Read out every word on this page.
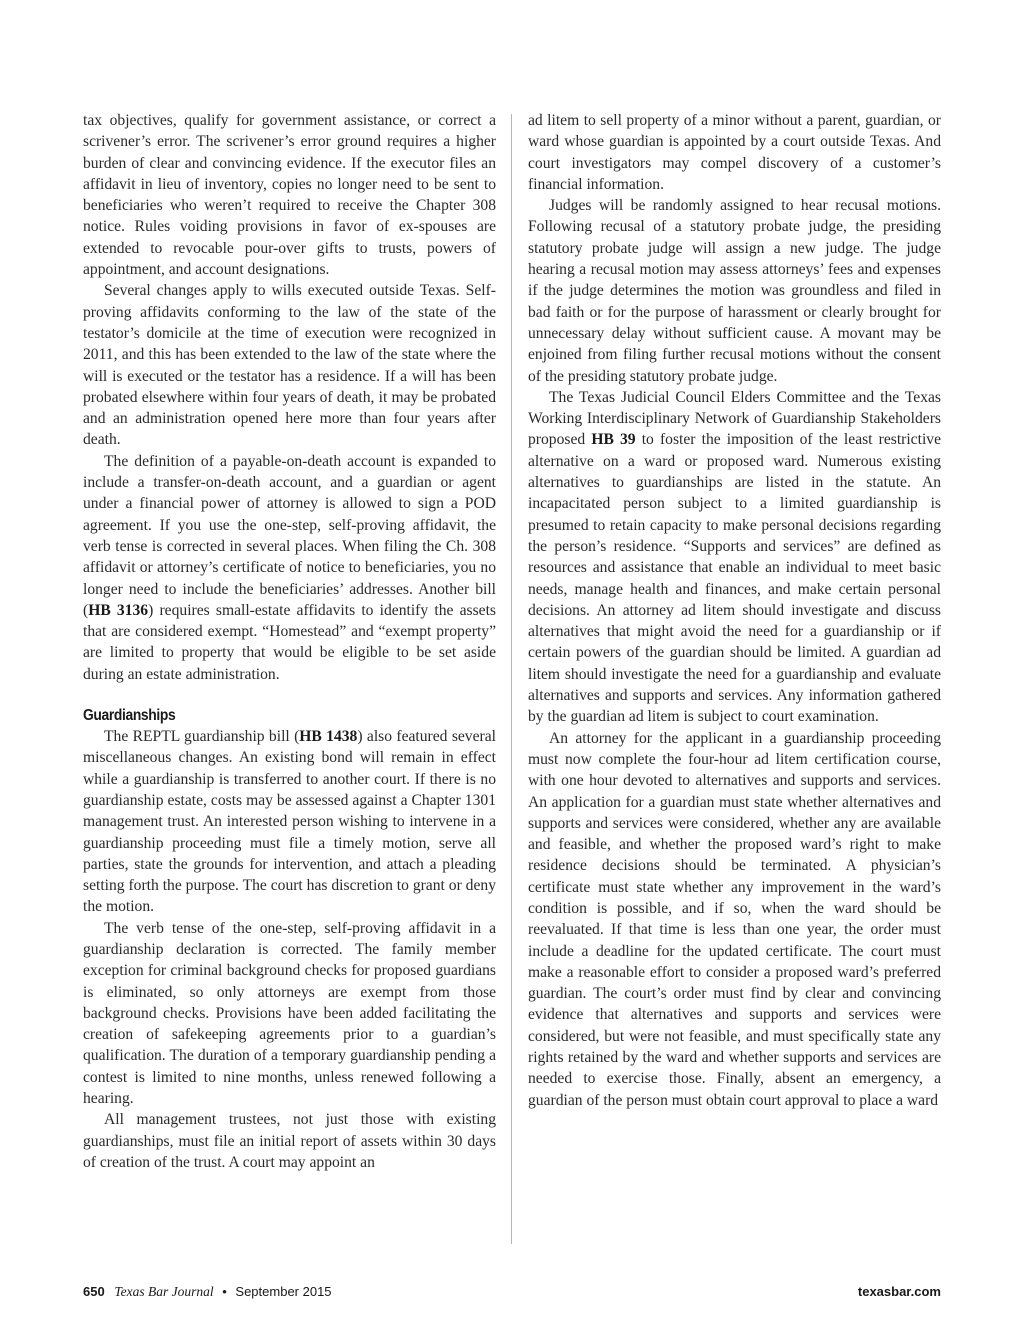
tax objectives, qualify for government assistance, or correct a scrivener’s error. The scrivener’s error ground requires a higher burden of clear and convincing evidence. If the executor files an affidavit in lieu of inventory, copies no longer need to be sent to beneficiaries who weren’t required to receive the Chapter 308 notice. Rules voiding provisions in favor of ex-spouses are extended to revocable pour-over gifts to trusts, powers of appointment, and account designations.

Several changes apply to wills executed outside Texas. Self-proving affidavits conforming to the law of the state of the testator’s domicile at the time of execution were recognized in 2011, and this has been extended to the law of the state where the will is executed or the testator has a residence. If a will has been probated elsewhere within four years of death, it may be probated and an administration opened here more than four years after death.

The definition of a payable-on-death account is expanded to include a transfer-on-death account, and a guardian or agent under a financial power of attorney is allowed to sign a POD agreement. If you use the one-step, self-proving affidavit, the verb tense is corrected in several places. When filing the Ch. 308 affidavit or attorney’s certificate of notice to beneficiaries, you no longer need to include the beneficiaries’ addresses. Another bill (HB 3136) requires small-estate affidavits to identify the assets that are considered exempt. “Homestead” and “exempt property” are limited to property that would be eligible to be set aside during an estate administration.

Guardianships

The REPTL guardianship bill (HB 1438) also featured several miscellaneous changes. An existing bond will remain in effect while a guardianship is transferred to another court. If there is no guardianship estate, costs may be assessed against a Chapter 1301 management trust. An interested person wishing to intervene in a guardianship proceeding must file a timely motion, serve all parties, state the grounds for intervention, and attach a pleading setting forth the purpose. The court has discretion to grant or deny the motion.

The verb tense of the one-step, self-proving affidavit in a guardianship declaration is corrected. The family member exception for criminal background checks for proposed guardians is eliminated, so only attorneys are exempt from those background checks. Provisions have been added facilitating the creation of safekeeping agreements prior to a guardian’s qualification. The duration of a temporary guardianship pending a contest is limited to nine months, unless renewed following a hearing.

All management trustees, not just those with existing guardianships, must file an initial report of assets within 30 days of creation of the trust. A court may appoint an

ad litem to sell property of a minor without a parent, guardian, or ward whose guardian is appointed by a court outside Texas. And court investigators may compel discovery of a customer’s financial information.

Judges will be randomly assigned to hear recusal motions. Following recusal of a statutory probate judge, the presiding statutory probate judge will assign a new judge. The judge hearing a recusal motion may assess attorneys’ fees and expenses if the judge determines the motion was groundless and filed in bad faith or for the purpose of harassment or clearly brought for unnecessary delay without sufficient cause. A movant may be enjoined from filing further recusal motions without the consent of the presiding statutory probate judge.

The Texas Judicial Council Elders Committee and the Texas Working Interdisciplinary Network of Guardianship Stakeholders proposed HB 39 to foster the imposition of the least restrictive alternative on a ward or proposed ward. Numerous existing alternatives to guardianships are listed in the statute. An incapacitated person subject to a limited guardianship is presumed to retain capacity to make personal decisions regarding the person’s residence. “Supports and services” are defined as resources and assistance that enable an individual to meet basic needs, manage health and finances, and make certain personal decisions. An attorney ad litem should investigate and discuss alternatives that might avoid the need for a guardianship or if certain powers of the guardian should be limited. A guardian ad litem should investigate the need for a guardianship and evaluate alternatives and supports and services. Any information gathered by the guardian ad litem is subject to court examination.

An attorney for the applicant in a guardianship proceeding must now complete the four-hour ad litem certification course, with one hour devoted to alternatives and supports and services. An application for a guardian must state whether alternatives and supports and services were considered, whether any are available and feasible, and whether the proposed ward’s right to make residence decisions should be terminated. A physician’s certificate must state whether any improvement in the ward’s condition is possible, and if so, when the ward should be reevaluated. If that time is less than one year, the order must include a deadline for the updated certificate. The court must make a reasonable effort to consider a proposed ward’s preferred guardian. The court’s order must find by clear and convincing evidence that alternatives and supports and services were considered, but were not feasible, and must specifically state any rights retained by the ward and whether supports and services are needed to exercise those. Finally, absent an emergency, a guardian of the person must obtain court approval to place a ward

650 Texas Bar Journal • September 2015	texasbar.com
